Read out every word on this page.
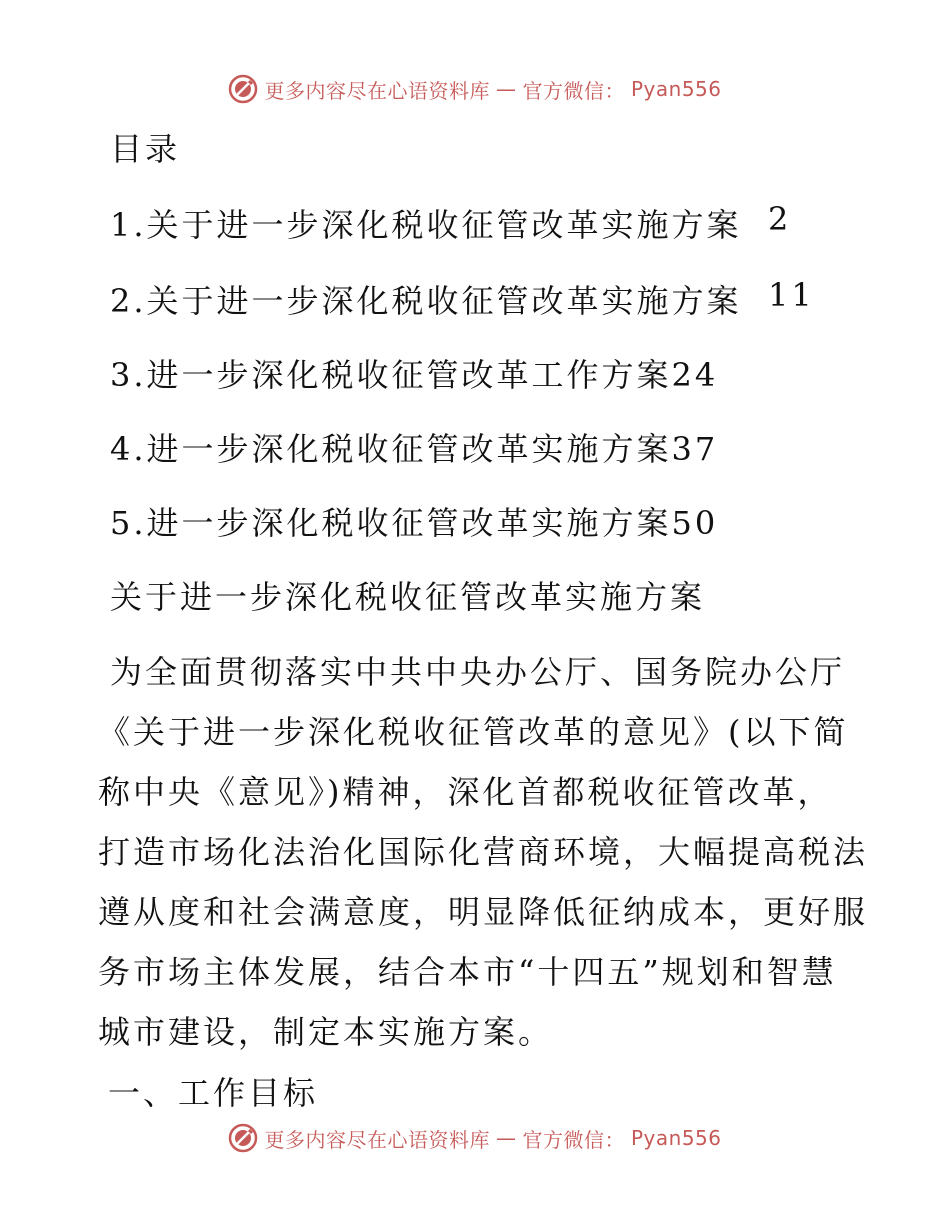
更多内容尽在心语资料库 — 官方微信： Pyan556
目录
1.关于进一步深化税收征管改革实施方案 2
2.关于进一步深化税收征管改革实施方案 11
3.进一步深化税收征管改革工作方案24
4.进一步深化税收征管改革实施方案37
5.进一步深化税收征管改革实施方案50
关于进一步深化税收征管改革实施方案
为全面贯彻落实中共中央办公厅、国务院办公厅
《关于进一步深化税收征管改革的意见》(以下简
称中央《意见》)精神，深化首都税收征管改革，
打造市场化法治化国际化营商环境，大幅提高税法
遵从度和社会满意度，明显降低征纳成本，更好服
务市场主体发展，结合本市“十四五”规划和智慧
城市建设，制定本实施方案。
一、工作目标
更多内容尽在心语资料库 — 官方微信： Pyan556
